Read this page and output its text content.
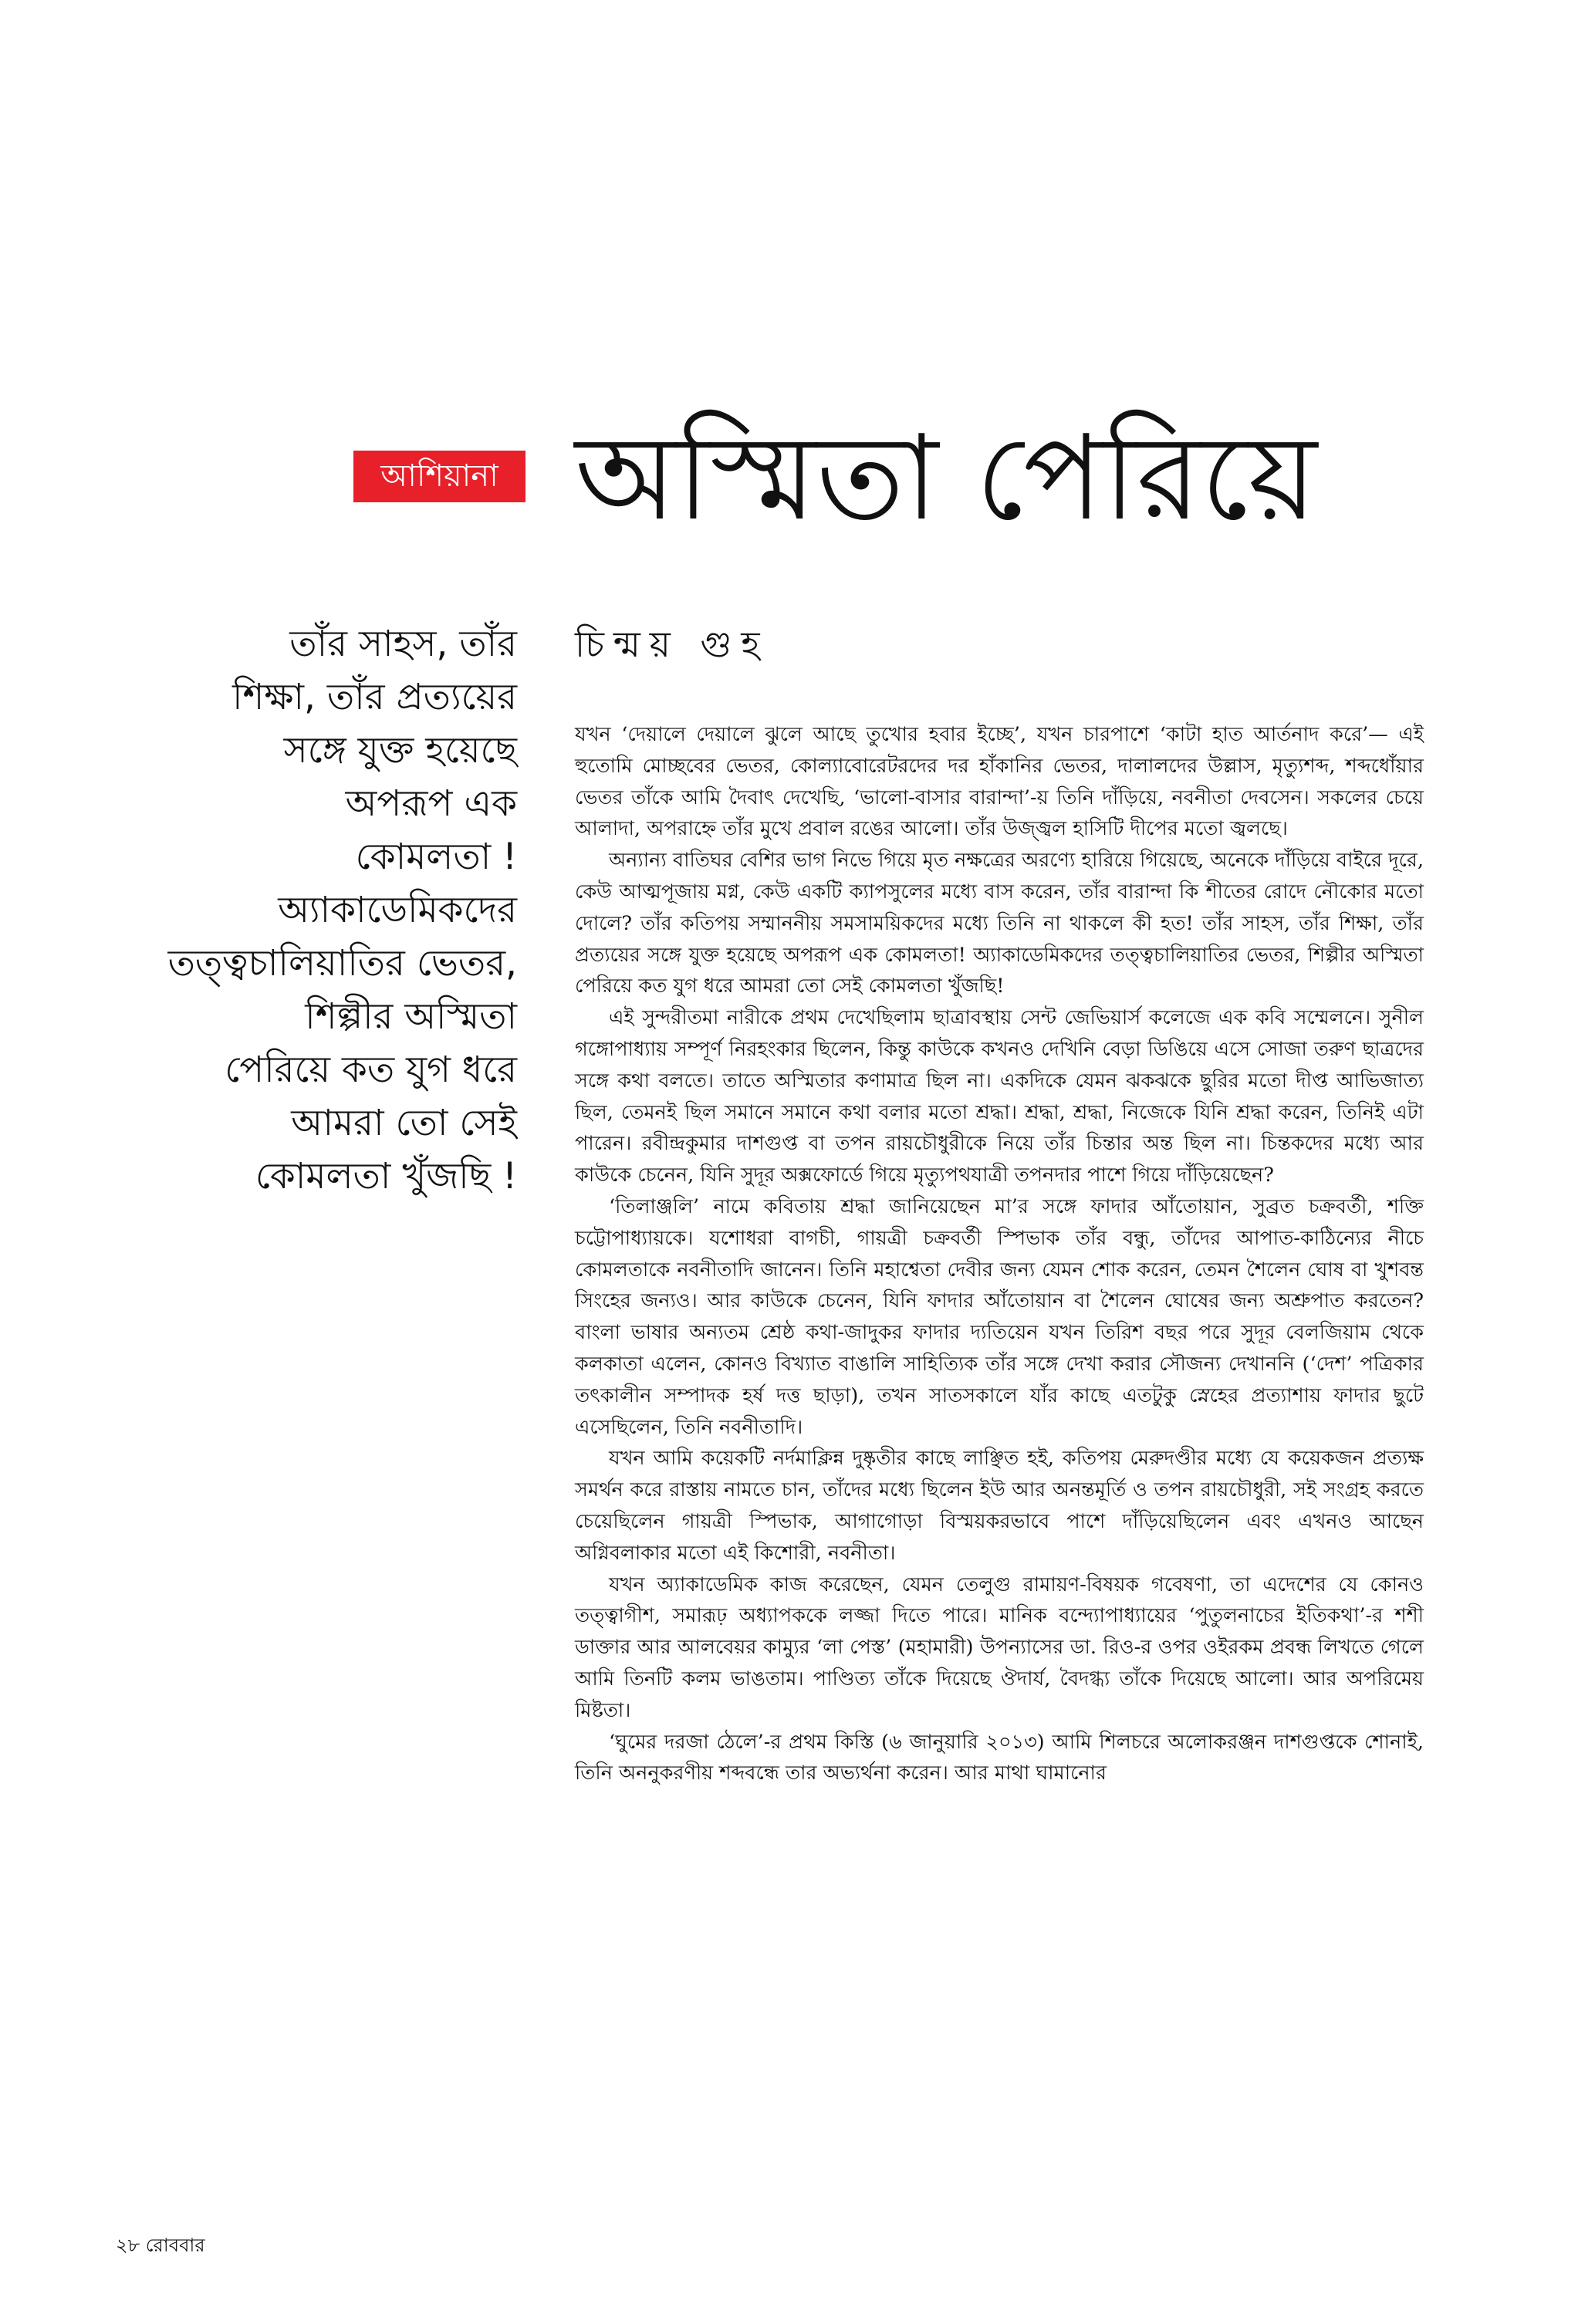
আশিয়ানা অস্মিতা পেরিয়ে
তাঁর সাহস, তাঁর
শিক্ষা, তাঁর প্রত্যয়ের
সঙ্গে যুক্ত হয়েছে
অপরূপ এক
কোমলতা !
অ্যাকাডেমিকদের
তত্ত্বচালিয়াতির ভেতর,
শিল্পীর অস্মিতা
পেরিয়ে কত যুগ ধরে
আমরা তো সেই
কোমলতা খুঁজছি !
চিন্ময় গুহ

যখন ‘দেয়ালে দেয়ালে ঝুলে আছে তুখোর হবার ইচ্ছে’, যখন চারপাশে ‘কাটা হাত আর্তনাদ করে’— এই হুতোমি মোচ্ছবের ভেতর, কোল্যাবোরেটরদের দর হাঁকানির ভেতর, দালালদের উল্লাস, মৃত্যুশব্দ, শব্দধোঁয়ার ভেতর তাঁকে আমি দৈবাৎ দেখেছি, ‘ভালো-বাসার বারান্দা’-য় তিনি দাঁড়িয়ে, নবনীতা দেবসেন। সকলের চেয়ে আলাদা, অপরাহ্নে তাঁর মুখে প্রবাল রঙের আলো। তাঁর উজ্জ্বল হাসিটি দীপের মতো জ্বলছে।

অন্যান্য বাতিঘর বেশির ভাগ নিভে গিয়ে মৃত নক্ষত্রের অরণ্যে হারিয়ে গিয়েছে, অনেকে দাঁড়িয়ে বাইরে দূরে, কেউ আত্মপূজায় মগ্ন, কেউ একটি ক্যাপসুলের মধ্যে বাস করেন, তাঁর বারান্দা কি শীতের রোদে নৌকোর মতো দোলে? তাঁর কতিপয় সম্মাননীয় সমসাময়িকদের মধ্যে তিনি না থাকলে কী হত! তাঁর সাহস, তাঁর শিক্ষা, তাঁর প্রত্যয়ের সঙ্গে যুক্ত হয়েছে অপরূপ এক কোমলতা! অ্যাকাডেমিকদের তত্ত্বচালিয়াতির ভেতর, শিল্পীর অস্মিতা পেরিয়ে কত যুগ ধরে আমরা তো সেই কোমলতা খুঁজছি!

এই সুন্দরীতমা নারীকে প্রথম দেখেছিলাম ছাত্রাবস্থায় সেন্ট জেভিয়ার্স কলেজে এক কবি সম্মেলনে। সুনীল গঙ্গোপাধ্যায় সম্পূর্ণ নিরহংকার ছিলেন, কিন্তু কাউকে কখনও দেখিনি বেড়া ডিঙিয়ে এসে সোজা তরুণ ছাত্রদের সঙ্গে কথা বলতে। তাতে অস্মিতার কণামাত্র ছিল না। একদিকে যেমন ঝকঝকে ছুরির মতো দীপ্ত আভিজাত্য ছিল, তেমনই ছিল সমানে সমানে কথা বলার মতো শ্রদ্ধা। শ্রদ্ধা, শ্রদ্ধা, নিজেকে যিনি শ্রদ্ধা করেন, তিনিই এটা পারেন। রবীন্দ্রকুমার দাশগুপ্ত বা তপন রায়চৌধুরীকে নিয়ে তাঁর চিন্তার অন্ত ছিল না। চিন্তকদের মধ্যে আর কাউকে চেনেন, যিনি সুদূর অক্সফোর্ডে গিয়ে মৃত্যুপথযাত্রী তপনদার পাশে গিয়ে দাঁড়িয়েছেন?

‘তিলাঞ্জলি’ নামে কবিতায় শ্রদ্ধা জানিয়েছেন মা’র সঙ্গে ফাদার আঁতোয়ান, সুব্রত চক্রবর্তী, শক্তি চট্টোপাধ্যায়কে। যশোধরা বাগচী, গায়ত্রী চক্রবর্তী স্পিভাক তাঁর বন্ধু, তাঁদের আপাত-কাঠিন্যের নীচে কোমলতাকে নবনীতাদি জানেন। তিনি মহাশ্বেতা দেবীর জন্য যেমন শোক করেন, তেমন শৈলেন ঘোষ বা খুশবন্ত সিংহের জন্যও। আর কাউকে চেনেন, যিনি ফাদার আঁতোয়ান বা শৈলেন ঘোষের জন্য অশ্রুপাত করতেন? বাংলা ভাষার অন্যতম শ্রেষ্ঠ কথা-জাদুকর ফাদার দ্যতিয়েন যখন তিরিশ বছর পরে সুদূর বেলজিয়াম থেকে কলকাতা এলেন, কোনও বিখ্যাত বাঙালি সাহিত্যিক তাঁর সঙ্গে দেখা করার সৌজন্য দেখাননি (‘দেশ’ পত্রিকার তৎকালীন সম্পাদক হর্ষ দত্ত ছাড়া), তখন সাতসকালে যাঁর কাছে এতটুকু স্নেহের প্রত্যাশায় ফাদার ছুটে এসেছিলেন, তিনি নবনীতাদি।

যখন আমি কয়েকটি নর্দমাক্লিন্ন দুষ্কৃতীর কাছে লাঞ্ছিত হই, কতিপয় মেরুদণ্ডীর মধ্যে যে কয়েকজন প্রত্যক্ষ সমর্থন করে রাস্তায় নামতে চান, তাঁদের মধ্যে ছিলেন ইউ আর অনন্তমূর্তি ও তপন রায়চৌধুরী, সই সংগ্রহ করতে চেয়েছিলেন গায়ত্রী স্পিভাক, আগাগোড়া বিস্ময়করভাবে পাশে দাঁড়িয়েছিলেন এবং এখনও আছেন অগ্নিবলাকার মতো এই কিশোরী, নবনীতা।

যখন অ্যাকাডেমিক কাজ করেছেন, যেমন তেলুগু রামায়ণ-বিষয়ক গবেষণা, তা এদেশের যে কোনও তত্ত্বাগীশ, সমারূঢ় অধ্যাপককে লজ্জা দিতে পারে। মানিক বন্দ্যোপাধ্যায়ের ‘পুতুলনাচের ইতিকথা’-র শশী ডাক্তার আর আলবেয়র কাম্যুর ‘লা পেস্ত’ (মহামারী) উপন্যাসের ডা. রিও-র ওপর ওইরকম প্রবন্ধ লিখতে গেলে আমি তিনটি কলম ভাঙতাম। পাণ্ডিত্য তাঁকে দিয়েছে ঔদার্য, বৈদগ্ধ্য তাঁকে দিয়েছে আলো। আর অপরিমেয় মিষ্টতা।

‘ঘুমের দরজা ঠেলে’-র প্রথম কিস্তি (৬ জানুয়ারি ২০১৩) আমি শিলচরে অলোকরঞ্জন দাশগুপ্তকে শোনাই, তিনি অননুকরণীয় শব্দবন্ধে তার অভ্যর্থনা করেন। আর মাথা ঘামানোর

২৮ রোববার
